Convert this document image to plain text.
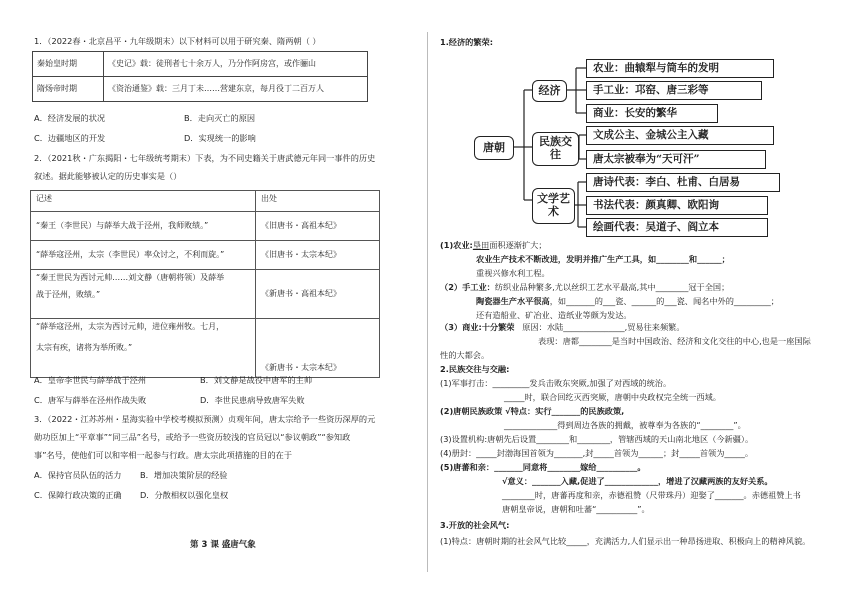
1．（2022春・北京昌平・九年级期末）以下材料可以用于研究秦、隋两朝（ ）
秦始皇时期	《史记》载：徒刑者七十余万人，乃分作阿房宫，或作骊山
隋炀帝时期	《资治通鉴》载：三月丁未……营建东京，每月役丁二百万人
A．经济发展的状况	B．走向灭亡的原因
C．边疆地区的开发	D．实现统一的影响
2．（2021秋・广东揭阳・七年级统考期末）下表，为不同史籍关于唐武德元年同一事件的历史
叙述。据此能够被认定的历史事实是（）
记述	出处
“秦王（李世民）与薛举大战于泾州，我师败绩。”	《旧唐书・高祖本纪》
“薛举寇泾州，太宗（李世民）率众讨之，不利而旋。”	《旧唐书・太宗本纪》

“秦王世民为西讨元帅……刘文静（唐朝将领）及薛举
战于泾州，败绩。”	《新唐书・高祖本纪》

“薛举寇泾州，太宗为西讨元帅，进位雍州牧。七月，
太宗有疾，诸将为举所败。”	《新唐书・太宗本纪》
A．皇帝李世民与薛举战于泾州	B．刘文静是战役中唐军的主帅
C．唐军与薛举在泾州作战失败	D．李世民患病导致唐军失败
3．（2022・江苏苏州・星海实验中学校考模拟预测）贞观年间，唐太宗给予一些资历深厚的元
勋功臣加上“平章事”“同三品”名号，或给予一些资历较浅的官员冠以“参议朝政”“参知政
事”名号，使他们可以和宰相一起参与行政。唐太宗此项措施的目的在于
A．保持官员队伍的活力 B．增加决策阶层的经验
C．保障行政决策的正确 D．分散相权以强化皇权
第 3 课 盛唐气象
1.经济的繁荣:
唐朝
经济
民族交往
文学艺术
农业：曲辕犁与筒车的发明
手工业：邛窑、唐三彩等
商业：长安的繁华
文成公主、金城公主入藏
唐太宗被奉为“天可汗”
唐诗代表：李白、杜甫、白居易
书法代表：颜真卿、欧阳询
绘画代表：吴道子、阎立本
(1)农业:垦田面积逐渐扩大；
农业生产技术不断改进，发明并推广生产工具，如________和______；
重视兴修水利工程。
（2）手工业：纺织业品种繁多,尤以丝织工艺水平最高,其中________冠于全国；
陶瓷器生产水平很高，如_______的___瓷、______的___瓷、闻名中外的_________；
还有造船业、矿冶业、造纸业等颇为发达。
（3）商业:十分繁荣 原因：水陆_______________,贸易往来频繁。
表现：唐都________是当时中国政治、经济和文化交往的中心,也是一座国际
性的大都会。
2.民族交往与交融:
(1)军事打击：_________发兵击败东突厥,加强了对西域的统治。
_____时，联合回纥灭西突厥，唐朝中央政权完全统一西域。
(2)唐朝民族政策 √特点：实行_______的民族政策,
_____________得到周边各族的拥戴，被尊奉为各族的“________”。
(3)设置机构:唐朝先后设置________和________，管辖西域的天山南北地区（今新疆）。
(4)册封：_____封渤海国首领为_______,封_____首领为______；封_____首领为_____。
(5)唐蕃和亲：_______同意将________嫁给__________。
√意义：_______入藏,促进了_____________，增进了汉藏两族的友好关系。
________时，唐蕃再度和亲，赤德祖赞（尺带珠丹）迎娶了_______。赤德祖赞上书
唐朝皇帝说，唐朝和吐蕃“__________”。
3.开放的社会风气:
(1)特点：唐朝时期的社会风气比较_____，充满活力,人们显示出一种昂扬进取、积极向上的精神风貌。
